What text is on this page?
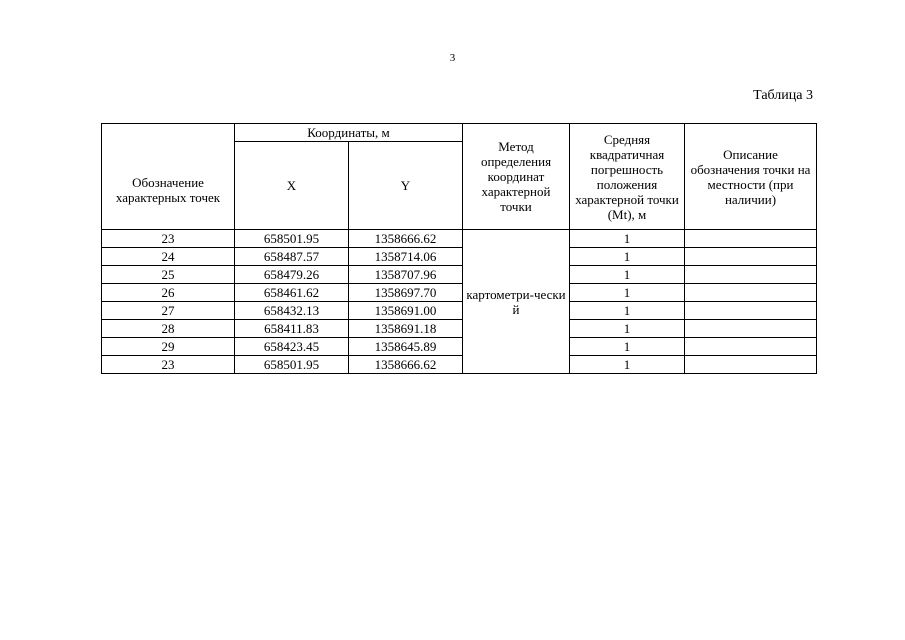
3
Таблица 3
Обозначение характерных точек	Координаты, м		Метод определения координат характерной точки	Средняя квадратичная погрешность положения характерной точки (Mt), м	Описание обозначения точки на местности (при наличии)
	X	Y			
23	658501.95	1358666.62	картометри-ческий	1	
24	658487.57	1358714.06		1	
25	658479.26	1358707.96		1	
26	658461.62	1358697.70		1	
27	658432.13	1358691.00		1	
28	658411.83	1358691.18		1	
29	658423.45	1358645.89		1	
23	658501.95	1358666.62		1	
